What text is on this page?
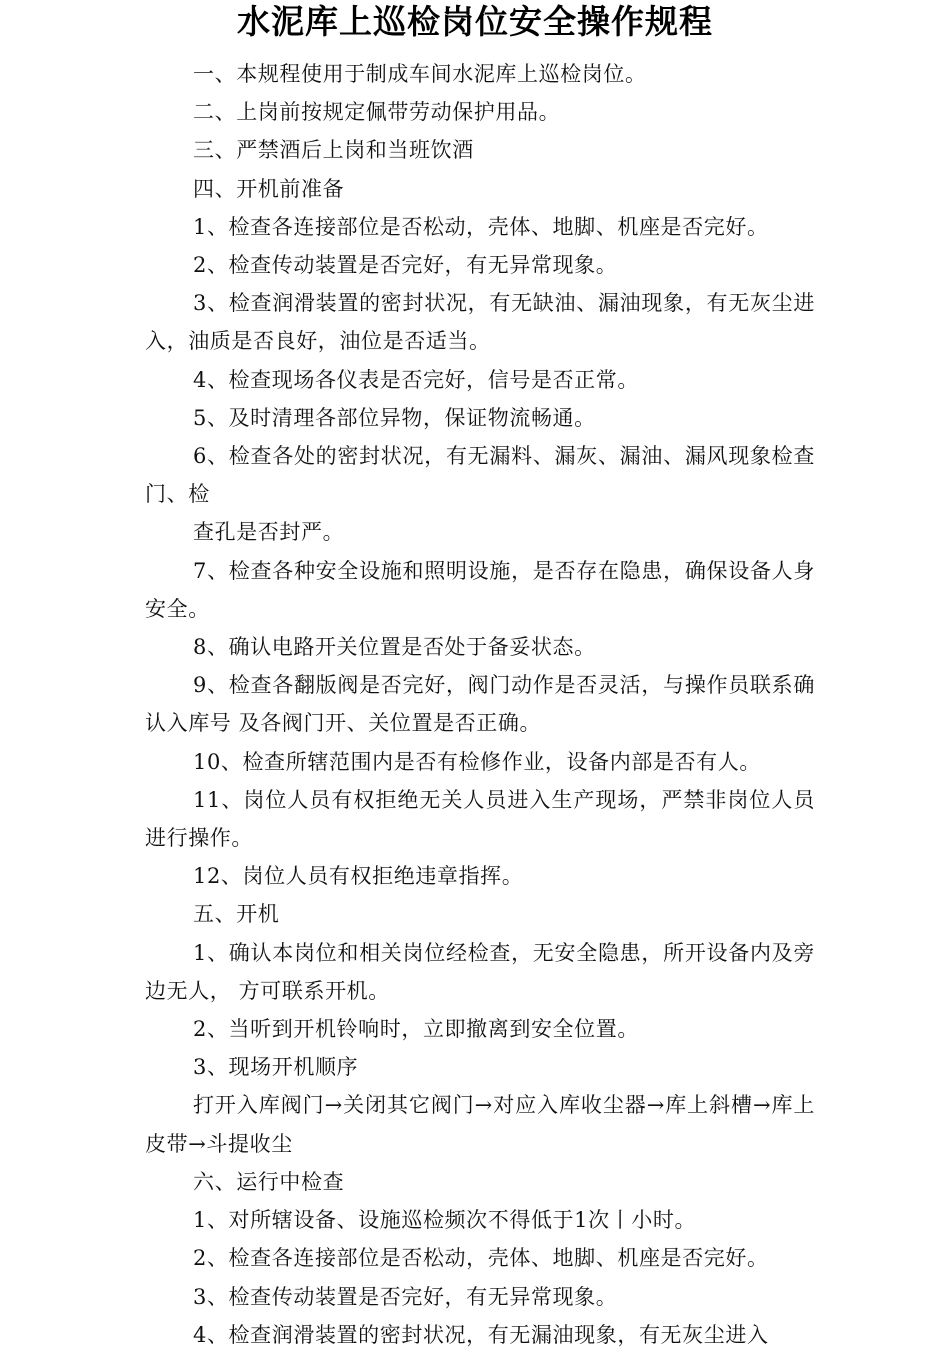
水泥库上巡检岗位安全操作规程

一、本规程使用于制成车间水泥库上巡检岗位。

二、上岗前按规定佩带劳动保护用品。

三、严禁酒后上岗和当班饮酒

四、开机前准备

1、检查各连接部位是否松动，壳体、地脚、机座是否完好。

2、检查传动装置是否完好，有无异常现象。

3、检查润滑装置的密封状况，有无缺油、漏油现象，有无灰尘进入，油质是否良好，油位是否适当。

4、检查现场各仪表是否完好，信号是否正常。

5、及时清理各部位异物，保证物流畅通。

6、检查各处的密封状况，有无漏料、漏灰、漏油、漏风现象检查门、检

查孔是否封严。

7、检查各种安全设施和照明设施，是否存在隐患，确保设备人身安全。

8、确认电路开关位置是否处于备妥状态。

9、检查各翻版阀是否完好，阀门动作是否灵活，与操作员联系确认入库号 及各阀门开、关位置是否正确。

10、检查所辖范围内是否有检修作业，设备内部是否有人。

11、岗位人员有权拒绝无关人员进入生产现场，严禁非岗位人员进行操作。

12、岗位人员有权拒绝违章指挥。

五、开机

1、确认本岗位和相关岗位经检查，无安全隐患，所开设备内及旁边无人， 方可联系开机。

2、当听到开机铃响时，立即撤离到安全位置。

3、现场开机顺序

打开入库阀门→关闭其它阀门→对应入库收尘器→库上斜槽→库上皮带→斗提收尘

六、运行中检查

1、对所辖设备、设施巡检频次不得低于1次丨小时。

2、检查各连接部位是否松动，壳体、地脚、机座是否完好。

3、检查传动装置是否完好，有无异常现象。

4、检查润滑装置的密封状况，有无漏油现象，有无灰尘进入
